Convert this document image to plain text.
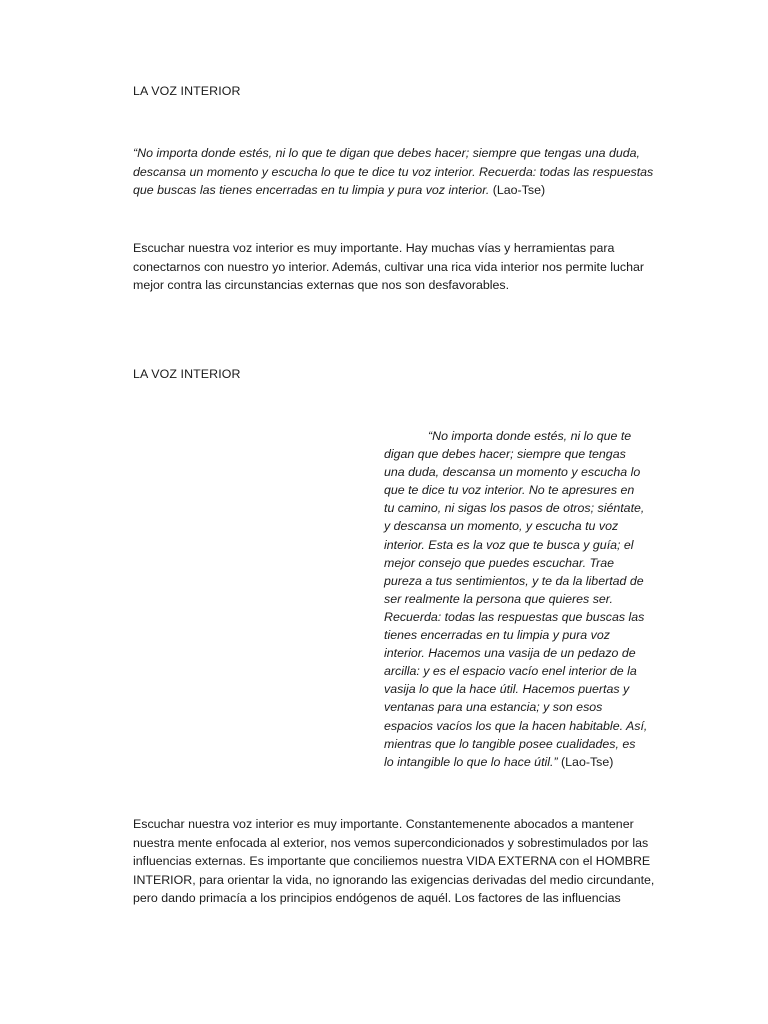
LA VOZ INTERIOR

“No importa donde estés, ni lo que te digan que debes hacer; siempre que tengas una duda,
descansa un momento y escucha lo que te dice tu voz interior. Recuerda: todas las respuestas
que buscas las tienes encerradas en tu limpia y pura voz interior. (Lao-Tse)

Escuchar nuestra voz interior es muy importante. Hay muchas vías y herramientas para
conectarnos con nuestro yo interior. Además, cultivar una rica vida interior nos permite luchar
mejor contra las circunstancias externas que nos son desfavorables.

LA VOZ INTERIOR

“No importa donde estés, ni lo que te
digan que debes hacer; siempre que tengas
una duda, descansa un momento y escucha lo
que te dice tu voz interior. No te apresures en
tu camino, ni sigas los pasos de otros; siéntate,
y descansa un momento, y escucha tu voz
interior. Esta es la voz que te busca y guía; el
mejor consejo que puedes escuchar. Trae
pureza a tus sentimientos, y te da la libertad de
ser realmente la persona que quieres ser.
Recuerda: todas las respuestas que buscas las
tienes encerradas en tu limpia y pura voz
interior. Hacemos una vasija de un pedazo de
arcilla: y es el espacio vacío enel interior de la
vasija lo que la hace útil. Hacemos puertas y
ventanas para una estancia; y son esos
espacios vacíos los que la hacen habitable. Así,
mientras que lo tangible posee cualidades, es
lo intangible lo que lo hace útil.” (Lao-Tse)

Escuchar nuestra voz interior es muy importante. Constantemenente abocados a mantener
nuestra mente enfocada al exterior, nos vemos supercondicionados y sobrestimulados por las
influencias externas. Es importante que conciliemos nuestra VIDA EXTERNA con el HOMBRE
INTERIOR, para orientar la vida, no ignorando las exigencias derivadas del medio circundante,
pero dando primacía a los principios endógenos de aquél. Los factores de las influencias
